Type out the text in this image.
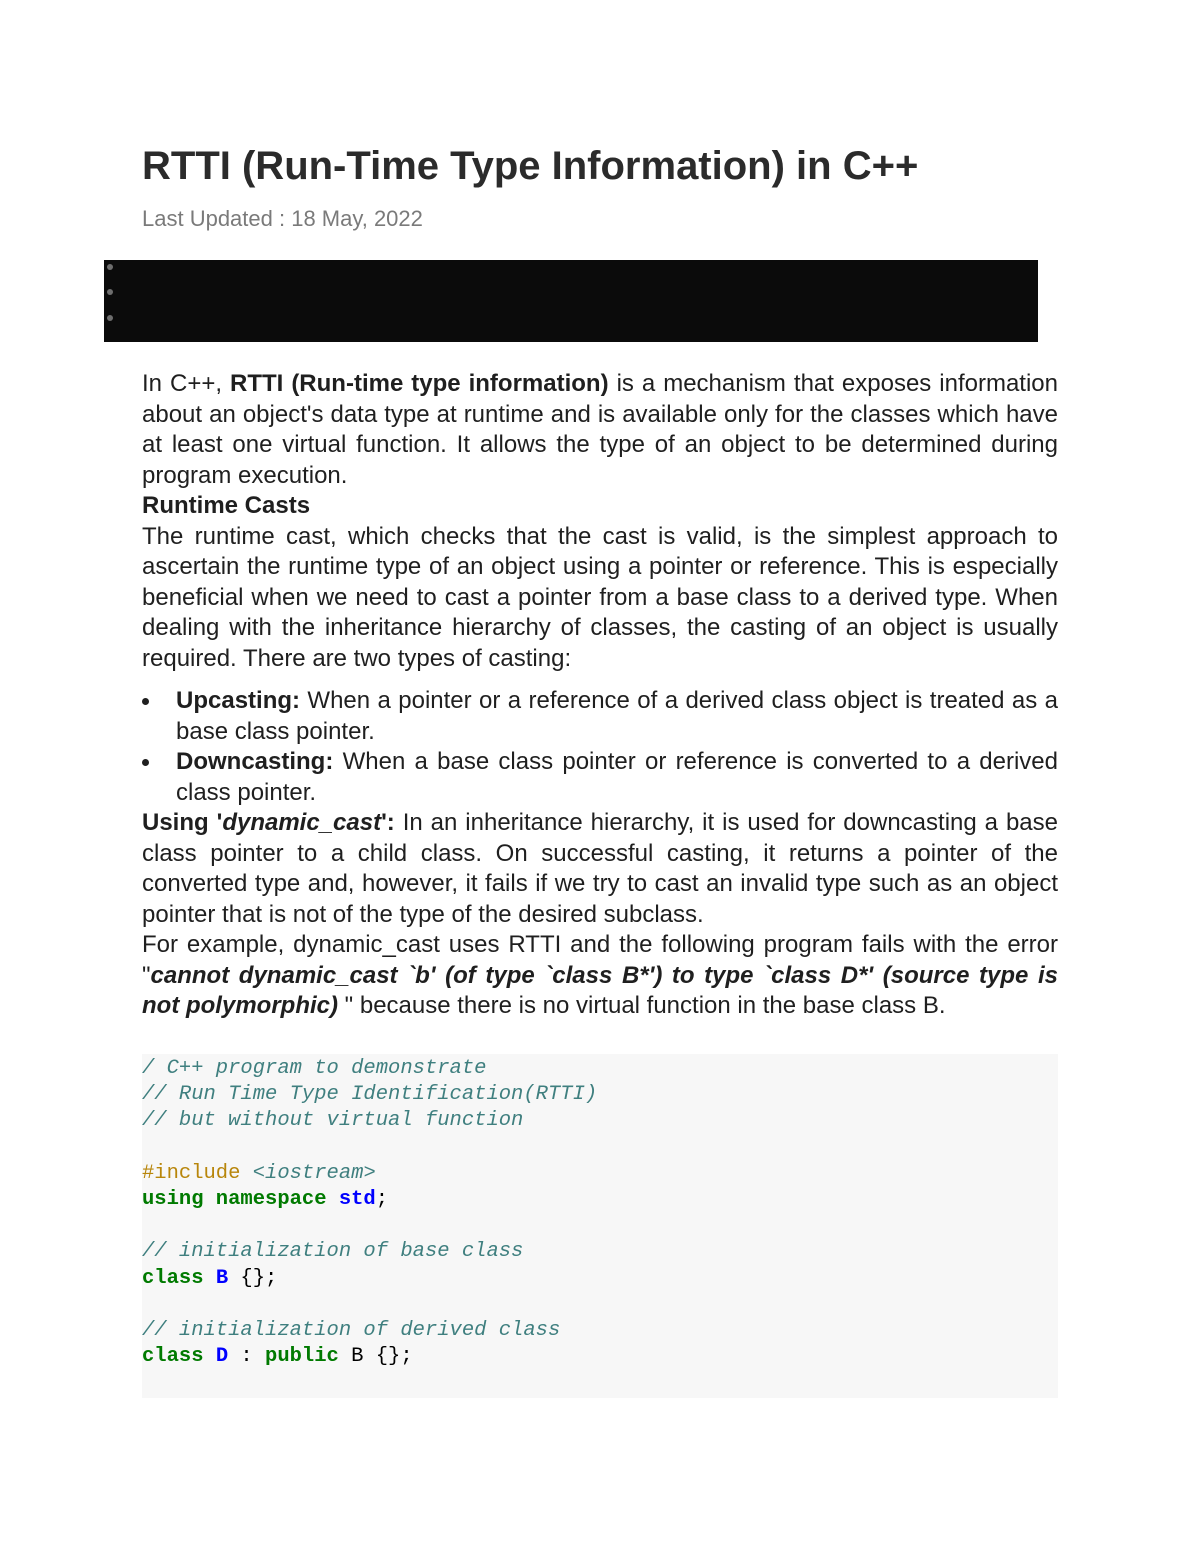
RTTI (Run-Time Type Information) in C++
Last Updated : 18 May, 2022

In C++, RTTI (Run-time type information) is a mechanism that exposes information about an object's data type at runtime and is available only for the classes which have at least one virtual function. It allows the type of an object to be determined during program execution.

Runtime Casts

The runtime cast, which checks that the cast is valid, is the simplest approach to ascertain the runtime type of an object using a pointer or reference. This is especially beneficial when we need to cast a pointer from a base class to a derived type. When dealing with the inheritance hierarchy of classes, the casting of an object is usually required. There are two types of casting:

Upcasting: When a pointer or a reference of a derived class object is treated as a base class pointer.
Downcasting: When a base class pointer or reference is converted to a derived class pointer.

Using 'dynamic_cast': In an inheritance hierarchy, it is used for downcasting a base class pointer to a child class. On successful casting, it returns a pointer of the converted type and, however, it fails if we try to cast an invalid type such as an object pointer that is not of the type of the desired subclass.

For example, dynamic_cast uses RTTI and the following program fails with the error "cannot dynamic_cast `b' (of type `class B*') to type `class D*' (source type is not polymorphic) " because there is no virtual function in the base class B.

/ C++ program to demonstrate
// Run Time Type Identification(RTTI)
// but without virtual function
#include <iostream>
using namespace std;
// initialization of base class
class B {};
// initialization of derived class
class D : public B {};
